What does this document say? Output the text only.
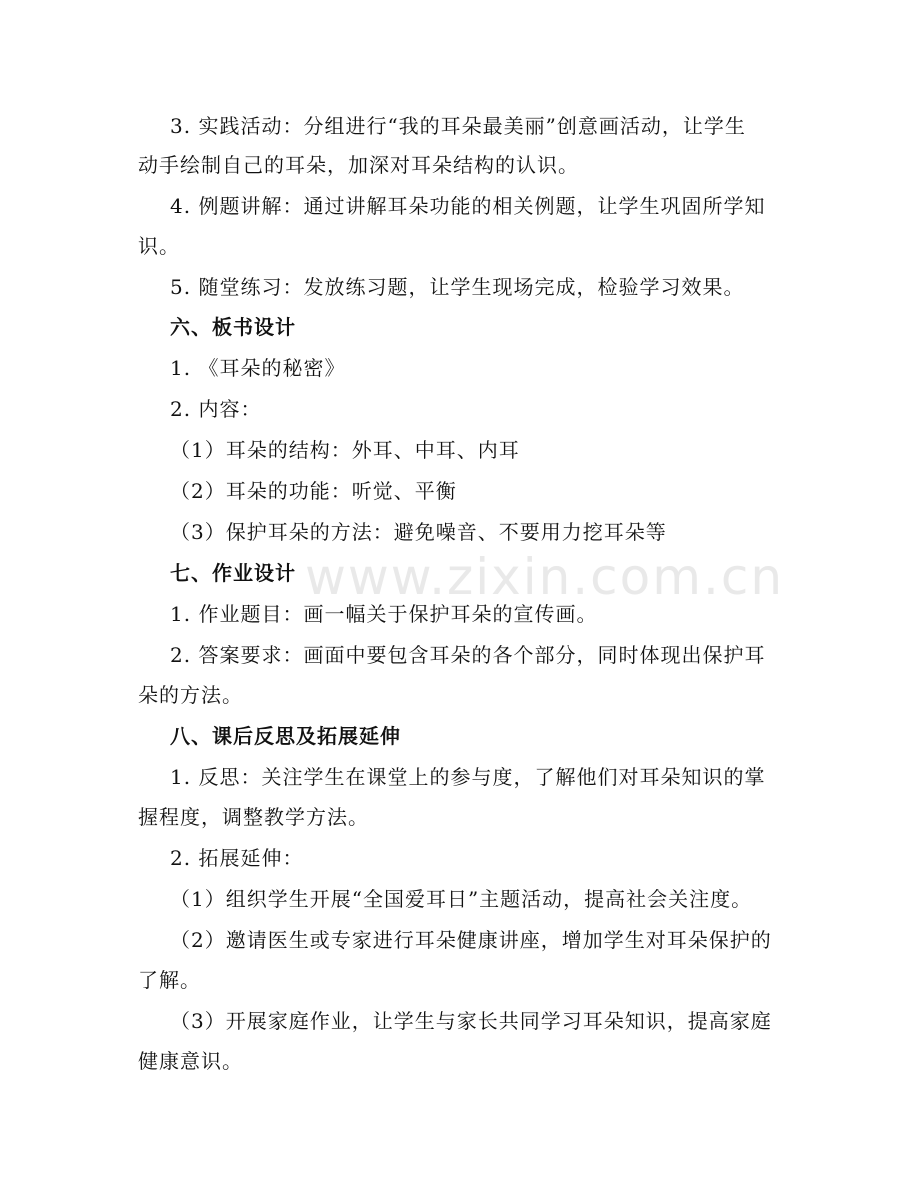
www.zixin.com.cn
3. 实践活动：分组进行“我的耳朵最美丽”创意画活动，让学生
动手绘制自己的耳朵，加深对耳朵结构的认识。
4. 例题讲解：通过讲解耳朵功能的相关例题，让学生巩固所学知
识。
5. 随堂练习：发放练习题，让学生现场完成，检验学习效果。
六、板书设计
1. 《耳朵的秘密》
2. 内容：
（1）耳朵的结构：外耳、中耳、内耳
（2）耳朵的功能：听觉、平衡
（3）保护耳朵的方法：避免噪音、不要用力挖耳朵等
七、作业设计
1. 作业题目：画一幅关于保护耳朵的宣传画。
2. 答案要求：画面中要包含耳朵的各个部分，同时体现出保护耳
朵的方法。
八、课后反思及拓展延伸
1. 反思：关注学生在课堂上的参与度，了解他们对耳朵知识的掌
握程度，调整教学方法。
2. 拓展延伸：
（1）组织学生开展“全国爱耳日”主题活动，提高社会关注度。
（2）邀请医生或专家进行耳朵健康讲座，增加学生对耳朵保护的
了解。
（3）开展家庭作业，让学生与家长共同学习耳朵知识，提高家庭
健康意识。
